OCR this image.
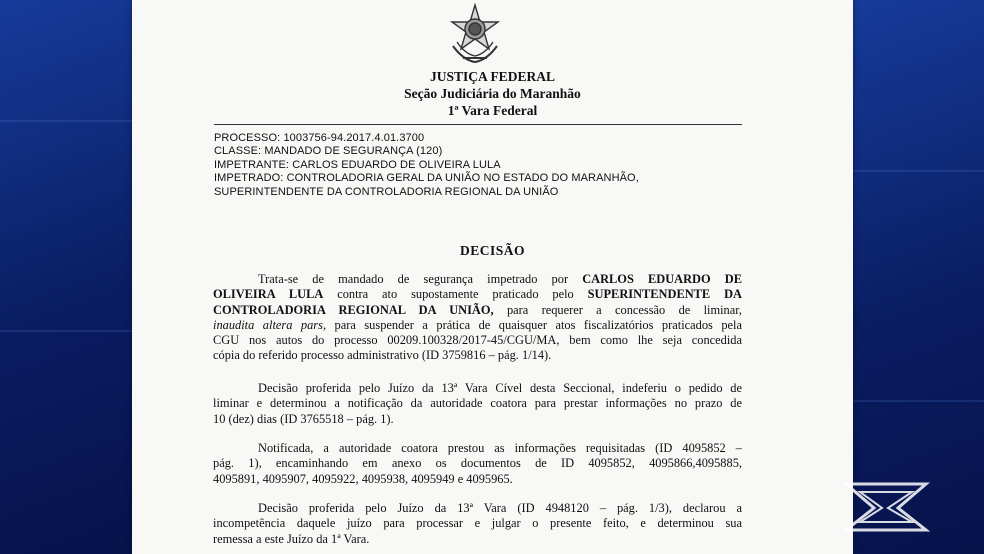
JUSTIÇA FEDERAL
Seção Judiciária do Maranhão
1ª Vara Federal
PROCESSO: 1003756-94.2017.4.01.3700
CLASSE: MANDADO DE SEGURANÇA (120)
IMPETRANTE: CARLOS EDUARDO DE OLIVEIRA LULA
IMPETRADO: CONTROLADORIA GERAL DA UNIÃO NO ESTADO DO MARANHÃO,
SUPERINTENDENTE DA CONTROLADORIA REGIONAL DA UNIÃO
DECISÃO
Trata-se de mandado de segurança impetrado por CARLOS EDUARDO DE
OLIVEIRA LULA contra ato supostamente praticado pelo SUPERINTENDENTE DA
CONTROLADORIA REGIONAL DA UNIÃO, para requerer a concessão de liminar,
inaudita altera pars, para suspender a prática de quaisquer atos fiscalizatórios praticados pela
CGU nos autos do processo 00209.100328/2017-45/CGU/MA, bem como lhe seja concedida
cópia do referido processo administrativo (ID 3759816 – pág. 1/14).
Decisão proferida pelo Juízo da 13ª Vara Cível desta Seccional, indeferiu o pedido de
liminar e determinou a notificação da autoridade coatora para prestar informações no prazo de
10 (dez) dias (ID 3765518 – pág. 1).
Notificada, a autoridade coatora prestou as informações requisitadas (ID 4095852 –
pág. 1), encaminhando em anexo os documentos de ID 4095852, 4095866,4095885,
4095891, 4095907, 4095922, 4095938, 4095949 e 4095965.
Decisão proferida pelo Juízo da 13ª Vara (ID 4948120 – pág. 1/3), declarou a
incompetência daquele juízo para processar e julgar o presente feito, e determinou sua
remessa a este Juízo da 1ª Vara.
